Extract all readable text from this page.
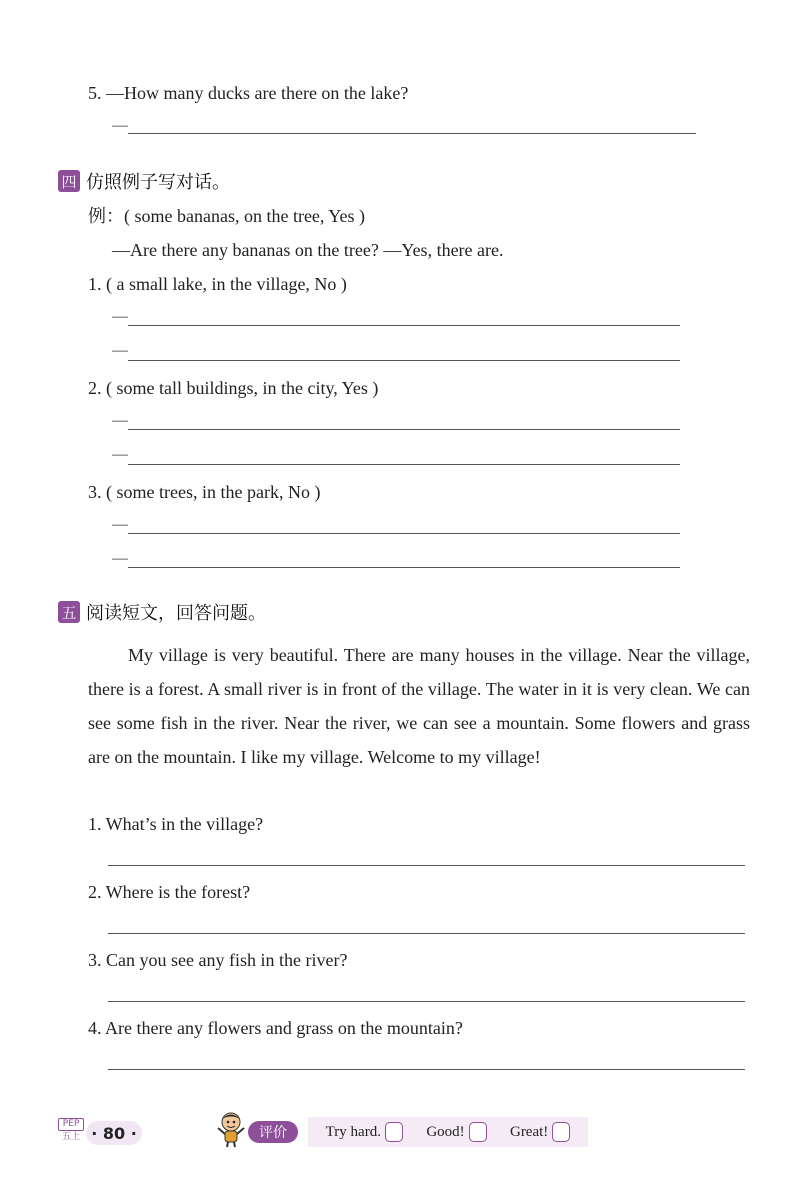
5. —How many ducks are there on the lake?
—
四 仿照例子写对话。
例：( some bananas, on the tree, Yes )
—Are there any bananas on the tree? —Yes, there are.
1. ( a small lake, in the village, No )
—
—
2. ( some tall buildings, in the city, Yes )
—
—
3. ( some trees, in the park, No )
—
—
五 阅读短文，回答问题。
My village is very beautiful. There are many houses in the village. Near the village, there is a forest. A small river is in front of the village. The water in it is very clean. We can see some fish in the river. Near the river, we can see a mountain. Some flowers and grass are on the mountain. I like my village. Welcome to my village!
1. What’s in the village?
2. Where is the forest?
3. Can you see any fish in the river?
4. Are there any flowers and grass on the mountain?
PEP
五上 · 80 ·	评价	Try hard.	Good!	Great!
